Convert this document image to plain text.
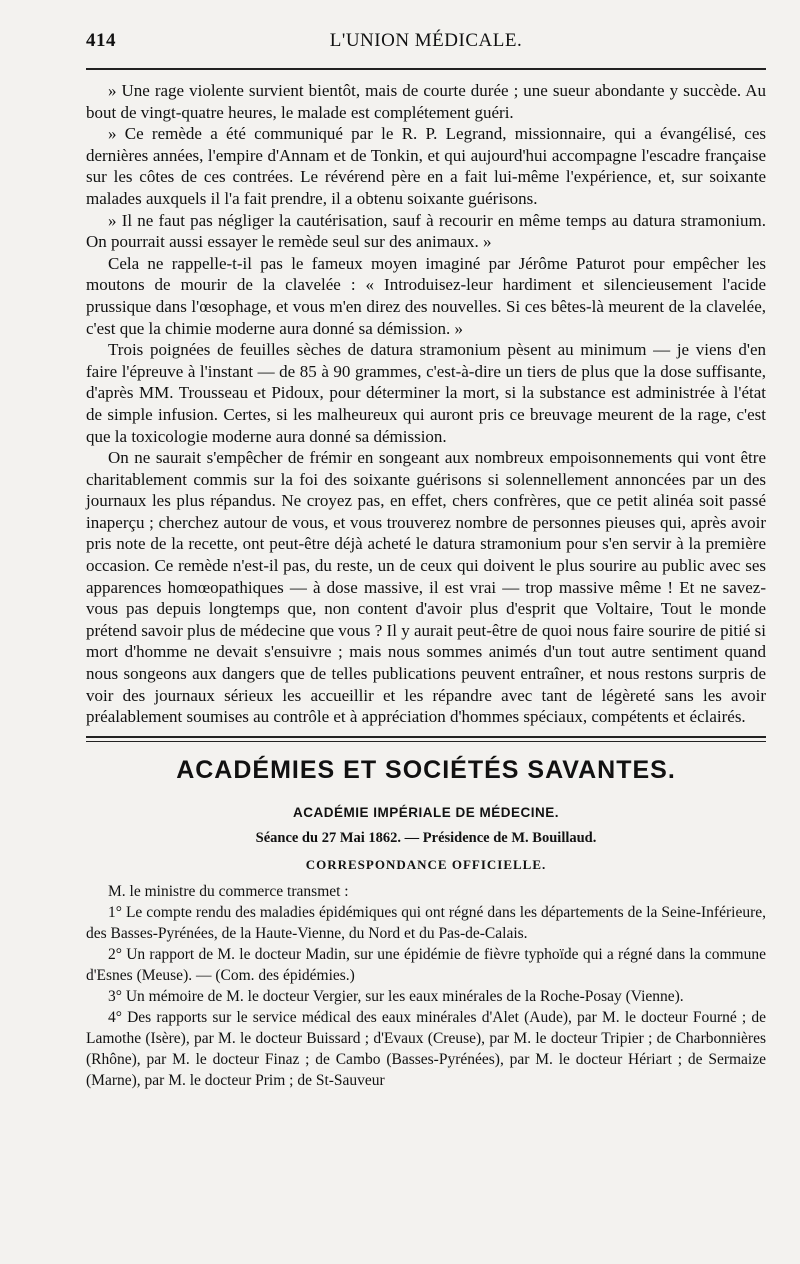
414	L'UNION MÉDICALE.

» Une rage violente survient bientôt, mais de courte durée ; une sueur abondante y succède. Au bout de vingt-quatre heures, le malade est complétement guéri.

» Ce remède a été communiqué par le R. P. Legrand, missionnaire, qui a évangélisé, ces dernières années, l'empire d'Annam et de Tonkin, et qui aujourd'hui accompagne l'escadre française sur les côtes de ces contrées. Le révérend père en a fait lui-même l'expérience, et, sur soixante malades auxquels il l'a fait prendre, il a obtenu soixante guérisons.

» Il ne faut pas négliger la cautérisation, sauf à recourir en même temps au datura stramonium. On pourrait aussi essayer le remède seul sur des animaux. »

Cela ne rappelle-t-il pas le fameux moyen imaginé par Jérôme Paturot pour empêcher les moutons de mourir de la clavelée : « Introduisez-leur hardiment et silencieusement l'acide prussique dans l'œsophage, et vous m'en direz des nouvelles. Si ces bêtes-là meurent de la clavelée, c'est que la chimie moderne aura donné sa démission. »

Trois poignées de feuilles sèches de datura stramonium pèsent au minimum — je viens d'en faire l'épreuve à l'instant — de 85 à 90 grammes, c'est-à-dire un tiers de plus que la dose suffisante, d'après MM. Trousseau et Pidoux, pour déterminer la mort, si la substance est administrée à l'état de simple infusion. Certes, si les malheureux qui auront pris ce breuvage meurent de la rage, c'est que la toxicologie moderne aura donné sa démission.

On ne saurait s'empêcher de frémir en songeant aux nombreux empoisonnements qui vont être charitablement commis sur la foi des soixante guérisons si solennellement annoncées par un des journaux les plus répandus. Ne croyez pas, en effet, chers confrères, que ce petit alinéa soit passé inaperçu ; cherchez autour de vous, et vous trouverez nombre de personnes pieuses qui, après avoir pris note de la recette, ont peut-être déjà acheté le datura stramonium pour s'en servir à la première occasion. Ce remède n'est-il pas, du reste, un de ceux qui doivent le plus sourire au public avec ses apparences homœopathiques — à dose massive, il est vrai — trop massive même ! Et ne savez-vous pas depuis longtemps que, non content d'avoir plus d'esprit que Voltaire, Tout le monde prétend savoir plus de médecine que vous ? Il y aurait peut-être de quoi nous faire sourire de pitié si mort d'homme ne devait s'ensuivre ; mais nous sommes animés d'un tout autre sentiment quand nous songeons aux dangers que de telles publications peuvent entraîner, et nous restons surpris de voir des journaux sérieux les accueillir et les répandre avec tant de légèreté sans les avoir préalablement soumises au contrôle et à appréciation d'hommes spéciaux, compétents et éclairés.

ACADÉMIES ET SOCIÉTÉS SAVANTES.
ACADÉMIE IMPÉRIALE DE MÉDECINE.
Séance du 27 Mai 1862. — Présidence de M. Bouillaud.
CORRESPONDANCE OFFICIELLE.

M. le ministre du commerce transmet :

1° Le compte rendu des maladies épidémiques qui ont régné dans les départements de la Seine-Inférieure, des Basses-Pyrénées, de la Haute-Vienne, du Nord et du Pas-de-Calais.

2° Un rapport de M. le docteur Madin, sur une épidémie de fièvre typhoïde qui a régné dans la commune d'Esnes (Meuse). — (Com. des épidémies.)

3° Un mémoire de M. le docteur Vergier, sur les eaux minérales de la Roche-Posay (Vienne).

4° Des rapports sur le service médical des eaux minérales d'Alet (Aude), par M. le docteur Fourné ; de Lamothe (Isère), par M. le docteur Buissard ; d'Evaux (Creuse), par M. le docteur Tripier ; de Charbonnières (Rhône), par M. le docteur Finaz ; de Cambo (Basses-Pyrénées), par M. le docteur Hériart ; de Sermaize (Marne), par M. le docteur Prim ; de St-Sauveur
